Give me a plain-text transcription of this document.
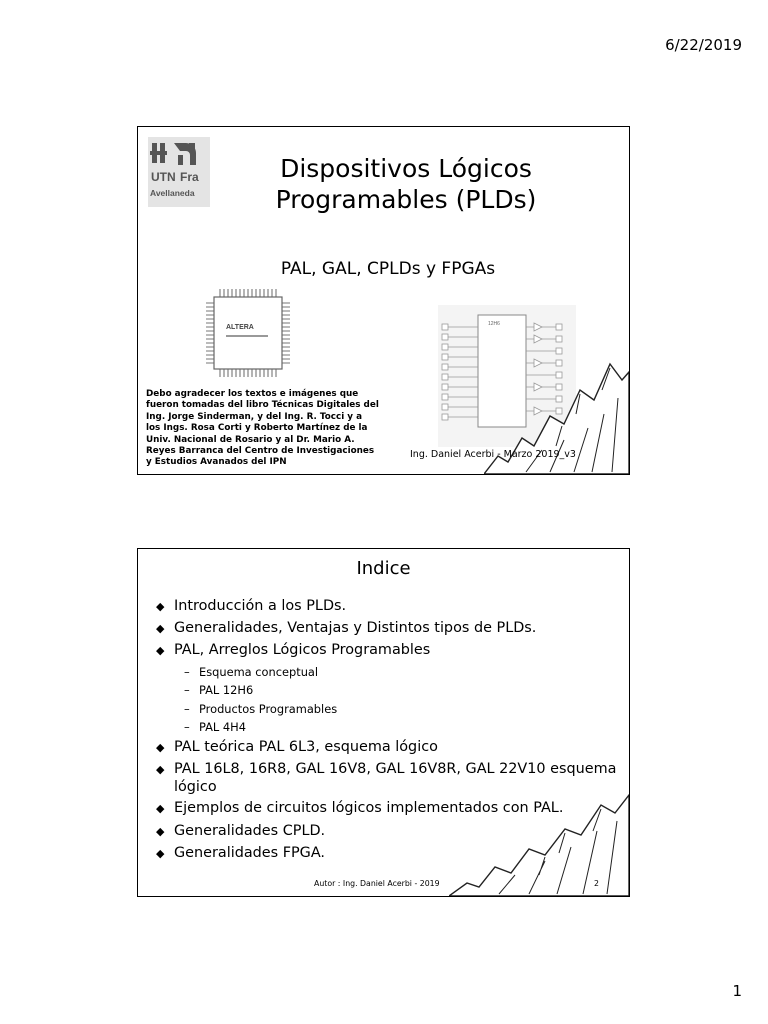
6/22/2019
UTN Fra
Avellaneda
Dispositivos Lógicos
Programables (PLDs)
PAL, GAL, CPLDs y FPGAs
ALTERA	12H6
Debo agradecer los textos e imágenes que
fueron tomadas del libro Técnicas Digitales del
Ing. Jorge Sinderman, y del Ing. R. Tocci y a
los Ings. Rosa Corti y Roberto Martínez de la
Univ. Nacional de Rosario y al Dr. Mario A.
Reyes Barranca del Centro de Investigaciones
y Estudios Avanados del IPN
Ing. Daniel Acerbi - Marzo 2019_v3
Indice
◆ Introducción a los PLDs.
◆ Generalidades, Ventajas y Distintos tipos de PLDs.
◆ PAL, Arreglos Lógicos Programables
– Esquema conceptual
– PAL 12H6
– Productos Programables
– PAL 4H4
◆ PAL teórica PAL 6L3, esquema lógico
◆ PAL 16L8, 16R8, GAL 16V8, GAL 16V8R, GAL 22V10 esquema lógico
◆ Ejemplos de circuitos lógicos implementados con PAL.
◆ Generalidades CPLD.
◆ Generalidades FPGA.
Autor : Ing. Daniel Acerbi - 2019	2
1
